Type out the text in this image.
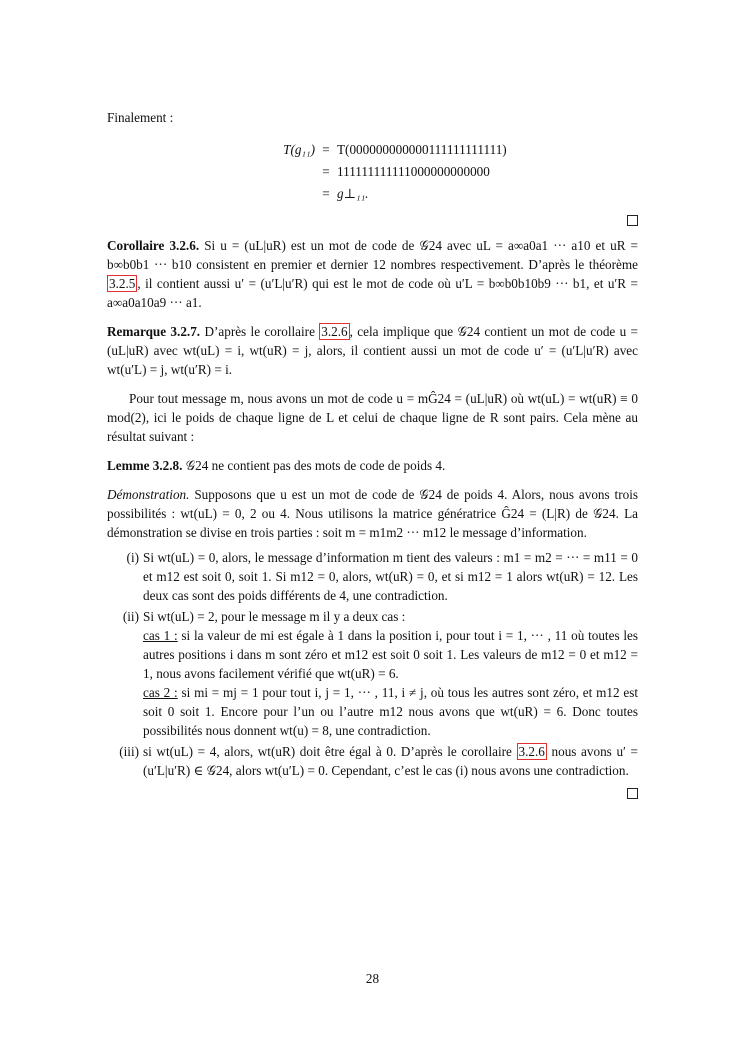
Finalement :

T(g₁₁) = T(000000000000111111111111)
= 111111111111000000000000
= g⊥₁₁.

Corollaire 3.2.6. Si u = (uL|uR) est un mot de code de 𝒢24 avec uL = a∞a0a1 ··· a10 et uR = b∞b0b1 ··· b10 consistent en premier et dernier 12 nombres respectivement. D’après le théorème 3.2.5 , il contient aussi u′ = (u′L|u′R) qui est le mot de code où u′L = b∞b0b10b9 ··· b1, et u′R = a∞a0a10a9 ··· a1.

Remarque 3.2.7. D’après le corollaire 3.2.6 , cela implique que 𝒢24 contient un mot de code u = (uL|uR) avec wt(uL) = i, wt(uR) = j, alors, il contient aussi un mot de code u′ = (u′L|u′R) avec wt(u′L) = j, wt(u′R) = i.

Pour tout message m, nous avons un mot de code u = mĜ24 = (uL|uR) où wt(uL) = wt(uR) ≡ 0 mod(2), ici le poids de chaque ligne de L et celui de chaque ligne de R sont pairs. Cela mène au résultat suivant :

Lemme 3.2.8. 𝒢24 ne contient pas des mots de code de poids 4.

Démonstration. Supposons que u est un mot de code de 𝒢24 de poids 4. Alors, nous avons trois possibilités : wt(uL) = 0, 2 ou 4. Nous utilisons la matrice génératrice Ĝ24 = (L|R) de 𝒢24. La démonstration se divise en trois parties : soit m = m1m2 ··· m12 le message d’information.

(i) Si wt(uL) = 0, alors, le message d’information m tient des valeurs : m1 = m2 = ··· = m11 = 0 et m12 est soit 0, soit 1. Si m12 = 0, alors, wt(uR) = 0, et si m12 = 1 alors wt(uR) = 12. Les deux cas sont des poids différents de 4, une contradiction.
(ii) Si wt(uL) = 2, pour le message m il y a deux cas :
cas 1 : si la valeur de mi est égale à 1 dans la position i, pour tout i = 1, ··· , 11 où toutes les autres positions i dans m sont zéro et m12 est soit 0 soit 1. Les valeurs de m12 = 0 et m12 = 1, nous avons facilement vérifié que wt(uR) = 6.
cas 2 : si mi = mj = 1 pour tout i, j = 1, ··· , 11, i ≠ j, où tous les autres sont zéro, et m12 est soit 0 soit 1. Encore pour l’un ou l’autre m12 nous avons que wt(uR) = 6. Donc toutes possibilités nous donnent wt(u) = 8, une contradiction.
(iii) si wt(uL) = 4, alors, wt(uR) doit être égal à 0. D’après le corollaire 3.2.6 nous avons u′ = (u′L|u′R) ∈ 𝒢24, alors wt(u′L) = 0. Cependant, c’est le cas (i) nous avons une contradiction.
28
